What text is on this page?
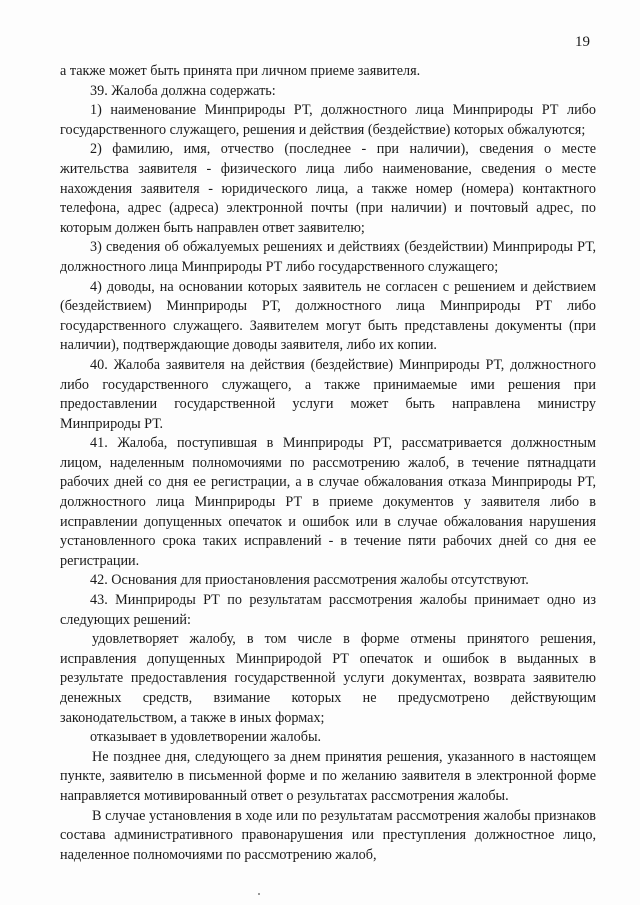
19

а также может быть принята при личном приеме заявителя.

39. Жалоба должна содержать:

1) наименование Минприроды РТ, должностного лица Минприроды РТ либо государственного служащего, решения и действия (бездействие) которых обжалуются;

2) фамилию, имя, отчество (последнее - при наличии), сведения о месте жительства заявителя - физического лица либо наименование, сведения о месте нахождения заявителя - юридического лица, а также номер (номера) контактного телефона, адрес (адреса) электронной почты (при наличии) и почтовый адрес, по которым должен быть направлен ответ заявителю;

3) сведения об обжалуемых решениях и действиях (бездействии) Минприроды РТ, должностного лица Минприроды РТ либо государственного служащего;

4) доводы, на основании которых заявитель не согласен с решением и действием (бездействием) Минприроды РТ, должностного лица Минприроды РТ либо государственного служащего. Заявителем могут быть представлены документы (при наличии), подтверждающие доводы заявителя, либо их копии.

40. Жалоба заявителя на действия (бездействие) Минприроды РТ, должностного либо государственного служащего, а также принимаемые ими решения при предоставлении государственной услуги может быть направлена министру Минприроды РТ.

41. Жалоба, поступившая в Минприроды РТ, рассматривается должностным лицом, наделенным полномочиями по рассмотрению жалоб, в течение пятнадцати рабочих дней со дня ее регистрации, а в случае обжалования отказа Минприроды РТ, должностного лица Минприроды РТ в приеме документов у заявителя либо в исправлении допущенных опечаток и ошибок или в случае обжалования нарушения установленного срока таких исправлений - в течение пяти рабочих дней со дня ее регистрации.

42. Основания для приостановления рассмотрения жалобы отсутствуют.

43. Минприроды РТ по результатам рассмотрения жалобы принимает одно из следующих решений:

удовлетворяет жалобу, в том числе в форме отмены принятого решения, исправления допущенных Минприродой РТ опечаток и ошибок в выданных в результате предоставления государственной услуги документах, возврата заявителю денежных средств, взимание которых не предусмотрено действующим законодательством, а также в иных формах;

отказывает в удовлетворении жалобы.

Не позднее дня, следующего за днем принятия решения, указанного в настоящем пункте, заявителю в письменной форме и по желанию заявителя в электронной форме направляется мотивированный ответ о результатах рассмотрения жалобы.

В случае установления в ходе или по результатам рассмотрения жалобы признаков состава административного правонарушения или преступления должностное лицо, наделенное полномочиями по рассмотрению жалоб,
